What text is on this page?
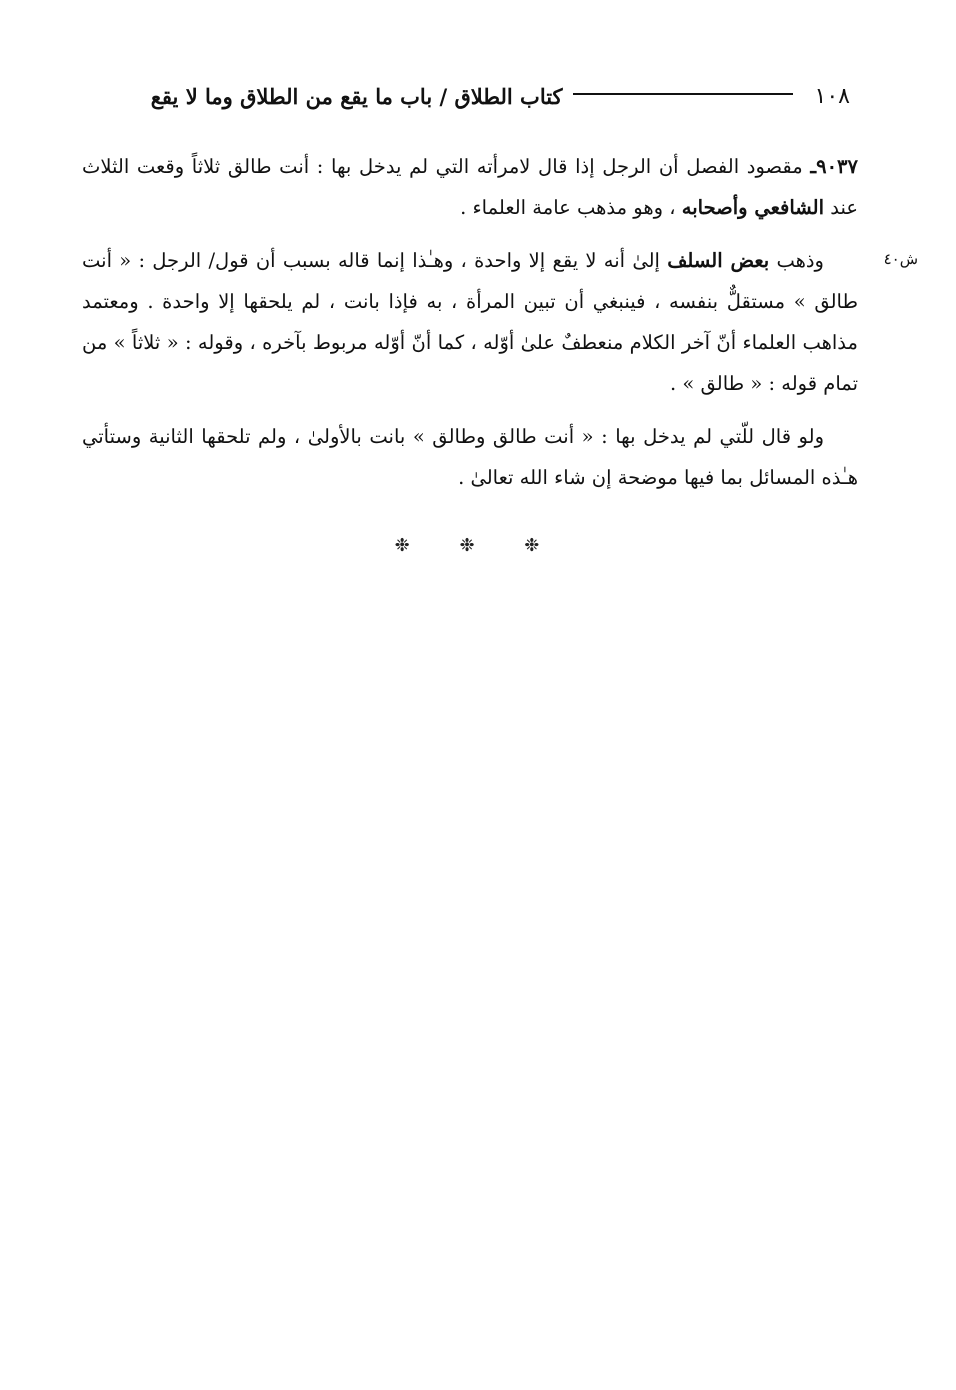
١٠٨
كتاب الطلاق / باب ما يقع من الطلاق وما لا يقع
ش٤٠

٩٠٣٧ـ مقصود الفصل أن الرجل إذا قال لامرأته التي لم يدخل بها : أنت طالق ثلاثاً وقعت الثلاث عند الشافعي وأصحابه ، وهو مذهب عامة العلماء .

وذهب بعض السلف إلىٰ أنه لا يقع إلا واحدة ، وهـٰذا إنما قاله بسبب أن قول/ الرجل : « أنت طالق » مستقلٌّ بنفسه ، فينبغي أن تبين المرأة ، به فإذا بانت ، لم يلحقها إلا واحدة . ومعتمد مذاهب العلماء أنّ آخر الكلام منعطفٌ علىٰ أوّله ، كما أنّ أوّله مربوط بآخره ، وقوله : « ثلاثاً » من تمام قوله : « طالق » .

ولو قال للّتي لم يدخل بها : « أنت طالق وطالق » بانت بالأولىٰ ، ولم تلحقها الثانية وستأتي هـٰذه المسائل بما فيها موضحة إن شاء الله تعالىٰ .

❉ ❉ ❉
